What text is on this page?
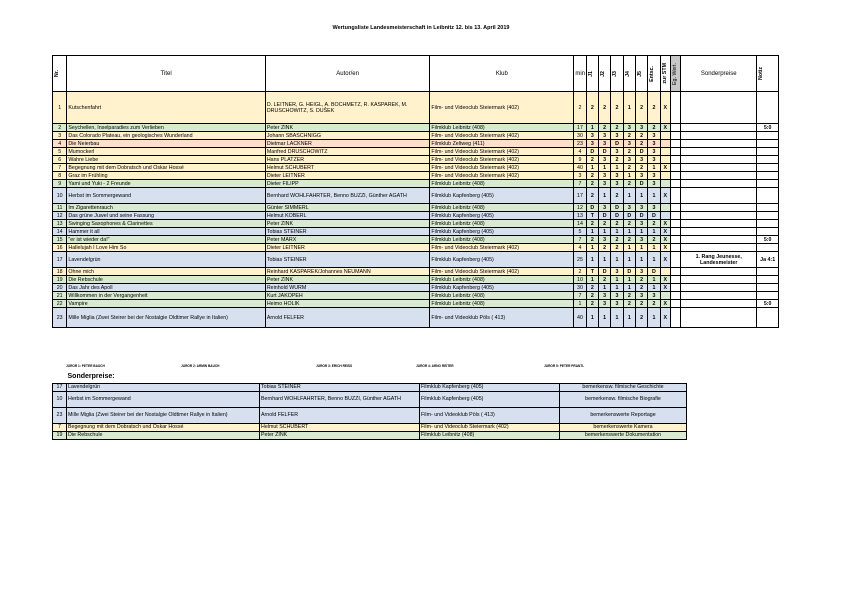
Wertungsliste Landesmeisterschaft in Leibnitz 12. bis 13. April 2019
Nr.	Titel	Autor/en	Klub	min	J1	J2	J3	J4	J5	Entsc.	zur STM	Eg. Wert.	Sonderpreise	Notiz

1	Kutschenfahrt	D. LEITNER, G. HEIGL, A. BOCHMETZ, R. KASPAREK, M. DRUSCHOWITZ, S. DUŠEK	Film- und Videoclub Steiermark (402)	2	2	2	2	1	2	2	X			
2	Seychellen, Inselparadies zum Verlieben	Peter ZINK	Filmklub Leibnitz (408)	17	1	2	2	3	3	2	X			5:0
3	Das Colorado Plateau, ein geologisches Wunderland	Johann SBASCHNIGG	Film- und Videoclub Steiermark (402)	30	3	3	3	2	2	3				
4	Die Neierbau	Dietmar LACKNER	Filmklub Zeltweg (411)	23	3	3	D	3	2	3				
5	Mumockerl	Manfred DRUSCHOWITZ	Film- und Videoclub Steiermark (402)	4	D	D	3	2	D	3				
6	Wahre Liebe	Hans PLATZER	Film- und Videoclub Steiermark (402)	9	2	3	2	3	3	3				
7	Begegnung mit dem Dobratsch und Oskar Hossé	Helmut SCHUBERT	Film- und Videoclub Steiermark (402)	40	1	1	1	2	2	1	X			
8	Graz im Frühling	Dieter LEITNER	Film- und Videoclub Steiermark (402)	3	2	3	3	1	3	3				
9	Yami und Yuki - 2 Freunde	Dieter FILIPP	Filmklub Leibnitz (408)	7	2	3	3	2	D	3				
10	Herbst im Sommergewand	Bernhard WOHLFAHRTER, Benno BUZZI, Günther AGATH	Filmklub Kapfenberg (405)	17	2	1	2	1	1	1	X			
11	Im Zigarettenrauch	Günter SIMMERL	Filmklub Leibnitz (408)	12	D	3	D	3	3	3				
12	Das grüne Juwel und seine Fassung	Helmut KOBERL	Filmklub Kapfenberg (405)	13	T	D	D	D	D	D				
13	Swinging Saxophones & Clarinettes	Peter ZINK	Filmklub Leibnitz (408)	14	2	2	2	2	3	2	X			
14	Hammer it all	Tobias STEINER	Filmklub Kapfenberg (405)	5	1	1	1	1	1	1	X			
15	"er ist wieder da!"	Peter MARX	Filmklub Leibnitz (408)	7	2	3	2	2	3	2	X			5:0
16	Hallelujah I Love Him So	Dieter LEITNER	Film- und Videoclub Steiermark (402)	4	1	2	2	1	1	1	X			
17	Lavendelgrün	Tobias STEINER	Filmklub Kapfenberg (405)	25	1	1	1	1	1	1	X		1. Rang Jeunesse, Landesmeister	Ja 4:1
18	Ohne mich	Reinhard KASPAREK/Johannes NEUMANN	Film- und Videoclub Steiermark (402)	2	T	D	3	D	3	D				
19	Die Rebschule	Peter ZINK	Filmklub Leibnitz (408)	10	1	2	1	1	2	1	X			
20	Das Jahr des Apoll	Reinhold WURM	Filmklub Kapfenberg (405)	30	2	1	1	1	2	1	X			
21	Willkommen in der Vergangenheit	Kurt JAKOPEH	Filmklub Leibnitz (408)	7	2	3	3	2	3	3				
22	Vampire	Heimo HOLIK	Filmklub Leibnitz (408)	1	2	3	3	2	2	2	X			5:0
23	Mille Miglia (Zwei Steirer bei der Nostalgie Oldtimer Rallye in Italien)	Arnold FELFER	Film- und Videoklub Pöls ( 413)	40	1	1	1	1	2	1	X			
JUROR 1: PETER BAUCH	JUROR 2: ARMIN BAUCH	JUROR 3: ERICH REISS	JUROR 4: ARNO REITER	JUROR 5: PETER PRANTL
	Sonderpreise:			
17	Lavendelgrün	Tobias STEINER	Filmklub Kapfenberg (405)	bemerkensw. filmische Geschichte
10	Herbst im Sommergewand	Bernhard WOHLFAHRTER, Benno BUZZI, Günther AGATH	Filmklub Kapfenberg (405)	bemerkensw. filmische Biografie
23	Mille Miglia (Zwei Steirer bei der Nostalgie Oldtimer Rallye in Italien)	Arnold FELFER	Film- und Videoklub Pöls ( 413)	bemerkenswerte Reportage
7	Begegnung mit dem Dobratsch und Oskar Hossé	Helmut SCHUBERT	Film- und Videoclub Steiermark (402)	bemerkenswerte Kamera
19	Die Rebschule	Peter ZINK	Filmklub Leibnitz (408)	bemerkenswerte Dokumentation
